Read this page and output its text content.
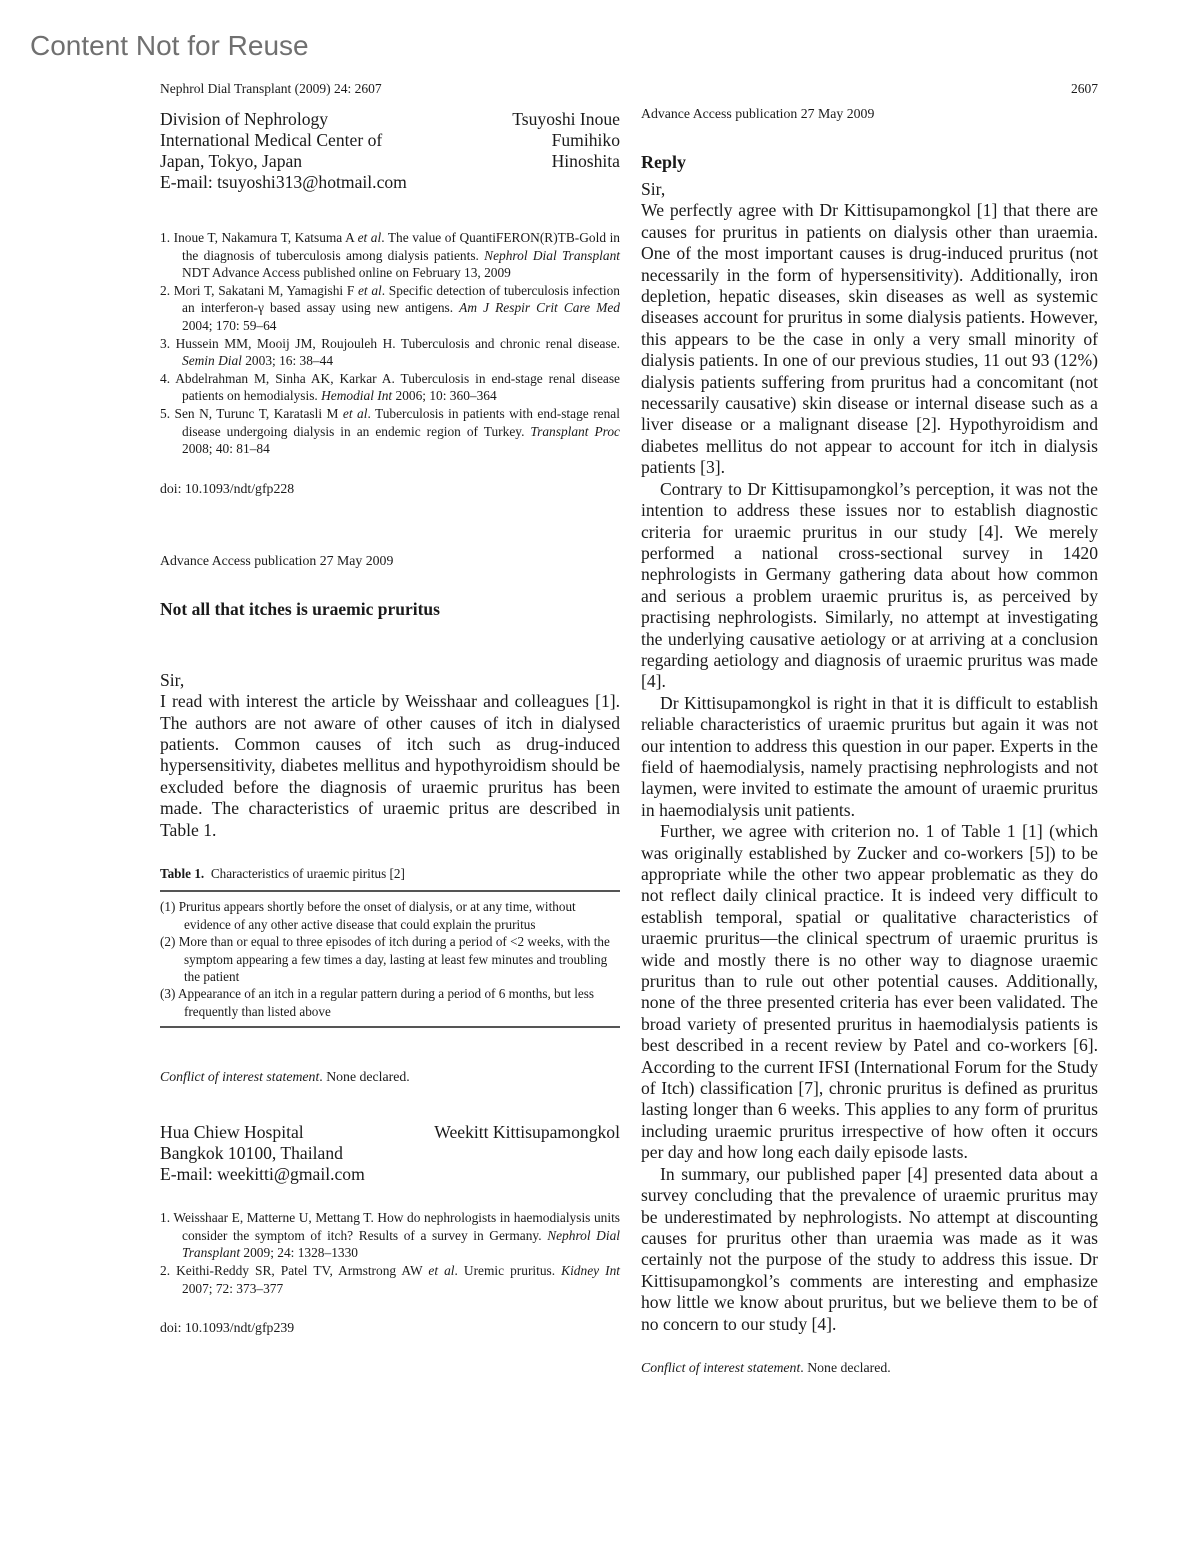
Content Not for Reuse
Nephrol Dial Transplant (2009) 24: 2607	2607
Division of Nephrology
International Medical Center of
Japan, Tokyo, Japan
E-mail: tsuyoshi313@hotmail.com
Tsuyoshi Inoue
Fumihiko
Hinoshita
1. Inoue T, Nakamura T, Katsuma A et al. The value of QuantiFERON(R)TB-Gold in the diagnosis of tuberculosis among dialysis patients. Nephrol Dial Transplant NDT Advance Access published online on February 13, 2009
2. Mori T, Sakatani M, Yamagishi F et al. Specific detection of tuberculosis infection an interferon-γ based assay using new antigens. Am J Respir Crit Care Med 2004; 170: 59–64
3. Hussein MM, Mooij JM, Roujouleh H. Tuberculosis and chronic renal disease. Semin Dial 2003; 16: 38–44
4. Abdelrahman M, Sinha AK, Karkar A. Tuberculosis in end-stage renal disease patients on hemodialysis. Hemodial Int 2006; 10: 360–364
5. Sen N, Turunc T, Karatasli M et al. Tuberculosis in patients with end-stage renal disease undergoing dialysis in an endemic region of Turkey. Transplant Proc 2008; 40: 81–84
doi: 10.1093/ndt/gfp228
Advance Access publication 27 May 2009
Not all that itches is uraemic pruritus

Sir,

I read with interest the article by Weisshaar and colleagues [1]. The authors are not aware of other causes of itch in dialysed patients. Common causes of itch such as drug-induced hypersensitivity, diabetes mellitus and hypothyroidism should be excluded before the diagnosis of uraemic pruritus has been made. The characteristics of uraemic pritus are described in Table 1.

Table 1. Characteristics of uraemic piritus [2]
(1) Pruritus appears shortly before the onset of dialysis, or at any time, without evidence of any other active disease that could explain the pruritus
(2) More than or equal to three episodes of itch during a period of <2 weeks, with the symptom appearing a few times a day, lasting at least few minutes and troubling the patient
(3) Appearance of an itch in a regular pattern during a period of 6 months, but less frequently than listed above
Conflict of interest statement. None declared.
Hua Chiew Hospital
Bangkok 10100, Thailand
E-mail: weekitti@gmail.com
Weekitt Kittisupamongkol
1. Weisshaar E, Matterne U, Mettang T. How do nephrologists in haemodialysis units consider the symptom of itch? Results of a survey in Germany. Nephrol Dial Transplant 2009; 24: 1328–1330
2. Keithi-Reddy SR, Patel TV, Armstrong AW et al. Uremic pruritus. Kidney Int 2007; 72: 373–377
doi: 10.1093/ndt/gfp239
Advance Access publication 27 May 2009
Reply

Sir,

We perfectly agree with Dr Kittisupamongkol [1] that there are causes for pruritus in patients on dialysis other than uraemia. One of the most important causes is drug-induced pruritus (not necessarily in the form of hypersensitivity). Additionally, iron depletion, hepatic diseases, skin diseases as well as systemic diseases account for pruritus in some dialysis patients. However, this appears to be the case in only a very small minority of dialysis patients. In one of our previous studies, 11 out 93 (12%) dialysis patients suffering from pruritus had a concomitant (not necessarily causative) skin disease or internal disease such as a liver disease or a malignant disease [2]. Hypothyroidism and diabetes mellitus do not appear to account for itch in dialysis patients [3].

Contrary to Dr Kittisupamongkol’s perception, it was not the intention to address these issues nor to establish diagnostic criteria for uraemic pruritus in our study [4]. We merely performed a national cross-sectional survey in 1420 nephrologists in Germany gathering data about how common and serious a problem uraemic pruritus is, as perceived by practising nephrologists. Similarly, no attempt at investigating the underlying causative aetiology or at arriving at a conclusion regarding aetiology and diagnosis of uraemic pruritus was made [4].

Dr Kittisupamongkol is right in that it is difficult to establish reliable characteristics of uraemic pruritus but again it was not our intention to address this question in our paper. Experts in the field of haemodialysis, namely practising nephrologists and not laymen, were invited to estimate the amount of uraemic pruritus in haemodialysis unit patients.

Further, we agree with criterion no. 1 of Table 1 [1] (which was originally established by Zucker and co-workers [5]) to be appropriate while the other two appear problematic as they do not reflect daily clinical practice. It is indeed very difficult to establish temporal, spatial or qualitative characteristics of uraemic pruritus—the clinical spectrum of uraemic pruritus is wide and mostly there is no other way to diagnose uraemic pruritus than to rule out other potential causes. Additionally, none of the three presented criteria has ever been validated. The broad variety of presented pruritus in haemodialysis patients is best described in a recent review by Patel and co-workers [6]. According to the current IFSI (International Forum for the Study of Itch) classification [7], chronic pruritus is defined as pruritus lasting longer than 6 weeks. This applies to any form of pruritus including uraemic pruritus irrespective of how often it occurs per day and how long each daily episode lasts.

In summary, our published paper [4] presented data about a survey concluding that the prevalence of uraemic pruritus may be underestimated by nephrologists. No attempt at discounting causes for pruritus other than uraemia was made as it was certainly not the purpose of the study to address this issue. Dr Kittisupamongkol’s comments are interesting and emphasize how little we know about pruritus, but we believe them to be of no concern to our study [4].

Conflict of interest statement. None declared.
